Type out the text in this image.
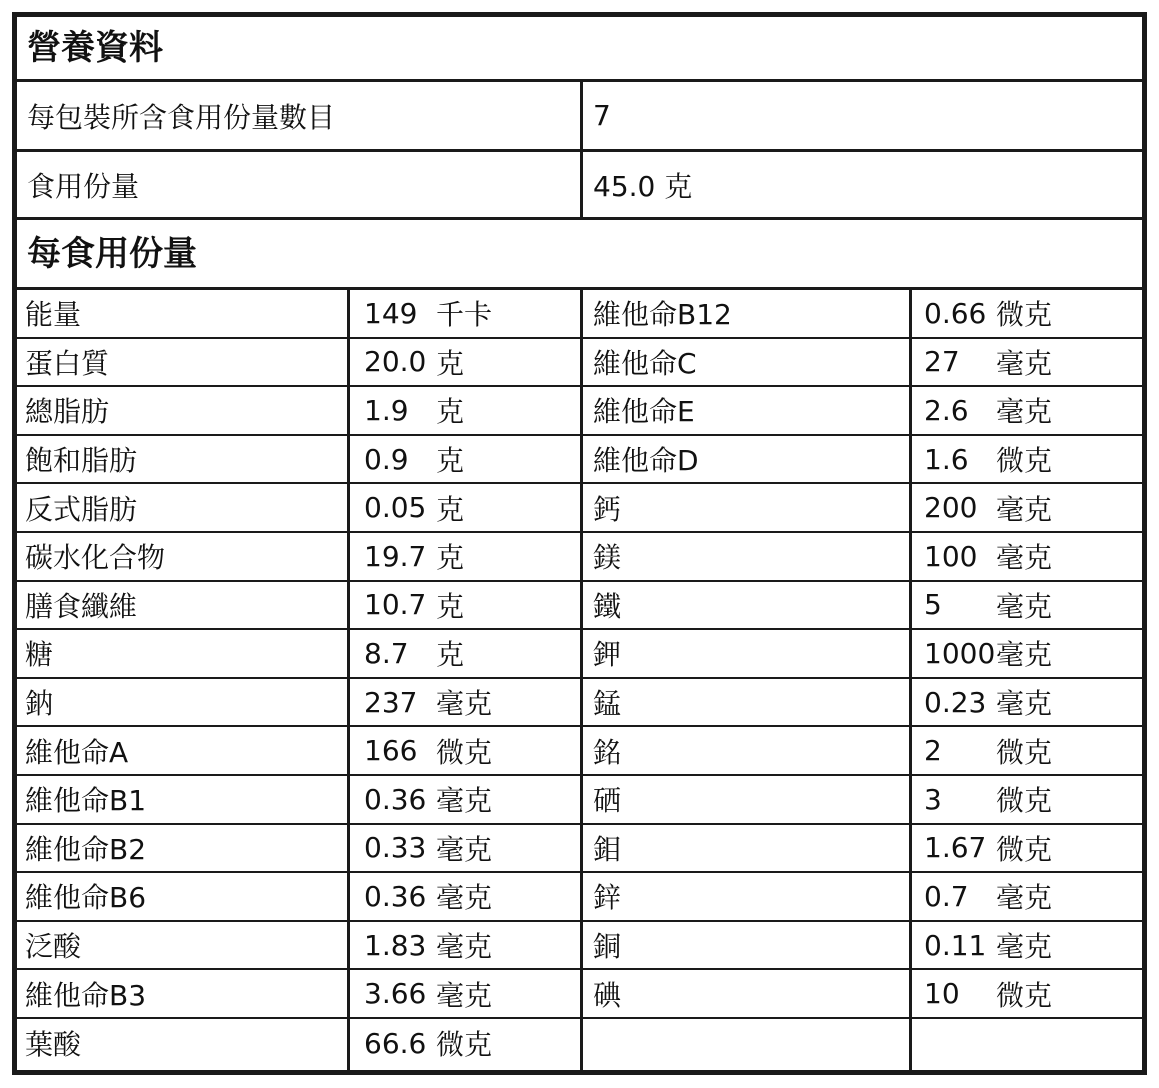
營養資料
每包裝所含食用份量數目	7
食用份量	45.0 克
每食用份量
能量	149 千卡	維他命B12	0.66 微克
蛋白質	20.0 克	維他命C	27	毫克
總脂肪	1.9 克	維他命E	2.6 毫克
飽和脂肪	0.9 克	維他命D	1.6 微克
反式脂肪	0.05 克	鈣	200 毫克
碳水化合物	19.7 克	鎂	100 毫克
膳食纖維	10.7 克	鐵	5	毫克
糖	8.7 克	鉀	1000 毫克
鈉	237 毫克	錳	0.23 毫克
維他命A	166 微克	銘	2	微克
維他命B1	0.36 毫克	硒	3	微克
維他命B2	0.33 毫克	鉬	1.67 微克
維他命B6	0.36 毫克	鋅	0.7 毫克
泛酸	1.83 毫克	銅	0.11 毫克
維他命B3	3.66 毫克	碘	10	微克
葉酸	66.6 微克
